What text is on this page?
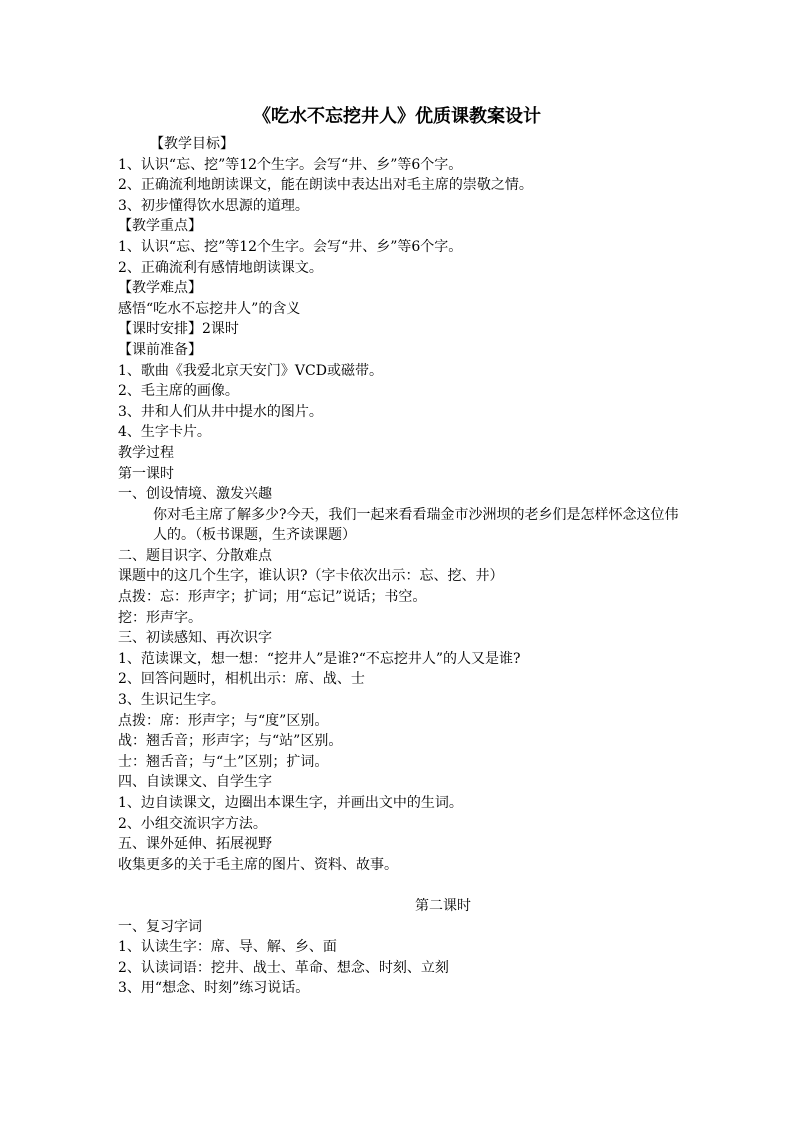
《吃水不忘挖井人》优质课教案设计
【教学目标】
1、认识“忘、挖”等12个生字。会写“井、乡”等6个字。
2、正确流利地朗读课文，能在朗读中表达出对毛主席的崇敬之情。
3、初步懂得饮水思源的道理。
【教学重点】
1、认识“忘、挖”等12个生字。会写“井、乡”等6个字。
2、正确流利有感情地朗读课文。
【教学难点】
感悟“吃水不忘挖井人”的含义
【课时安排】2课时
【课前准备】
1、歌曲《我爱北京天安门》VCD或磁带。
2、毛主席的画像。
3、井和人们从井中提水的图片。
4、生字卡片。
教学过程
第一课时
一、创设情境、激发兴趣
你对毛主席了解多少?今天，我们一起来看看瑞金市沙洲坝的老乡们是怎样怀念这位伟人的。（板书课题，生齐读课题）
二、题目识字、分散难点
课题中的这几个生字，谁认识?（字卡依次出示：忘、挖、井）
点拨：忘：形声字；扩词；用“忘记”说话；书空。
挖：形声字。
三、初读感知、再次识字
1、范读课文，想一想：“挖井人”是谁?“不忘挖井人”的人又是谁?
2、回答问题时，相机出示：席、战、士
3、生识记生字。
点拨：席：形声字；与“度”区别。
战：翘舌音；形声字；与“站”区别。
士：翘舌音；与“土”区别；扩词。
四、自读课文、自学生字
1、边自读课文，边圈出本课生字，并画出文中的生词。
2、小组交流识字方法。
五、课外延伸、拓展视野
收集更多的关于毛主席的图片、资料、故事。
第二课时
一、复习字词
1、认读生字：席、导、解、乡、面
2、认读词语：挖井、战士、革命、想念、时刻、立刻
3、用“想念、时刻”练习说话。
